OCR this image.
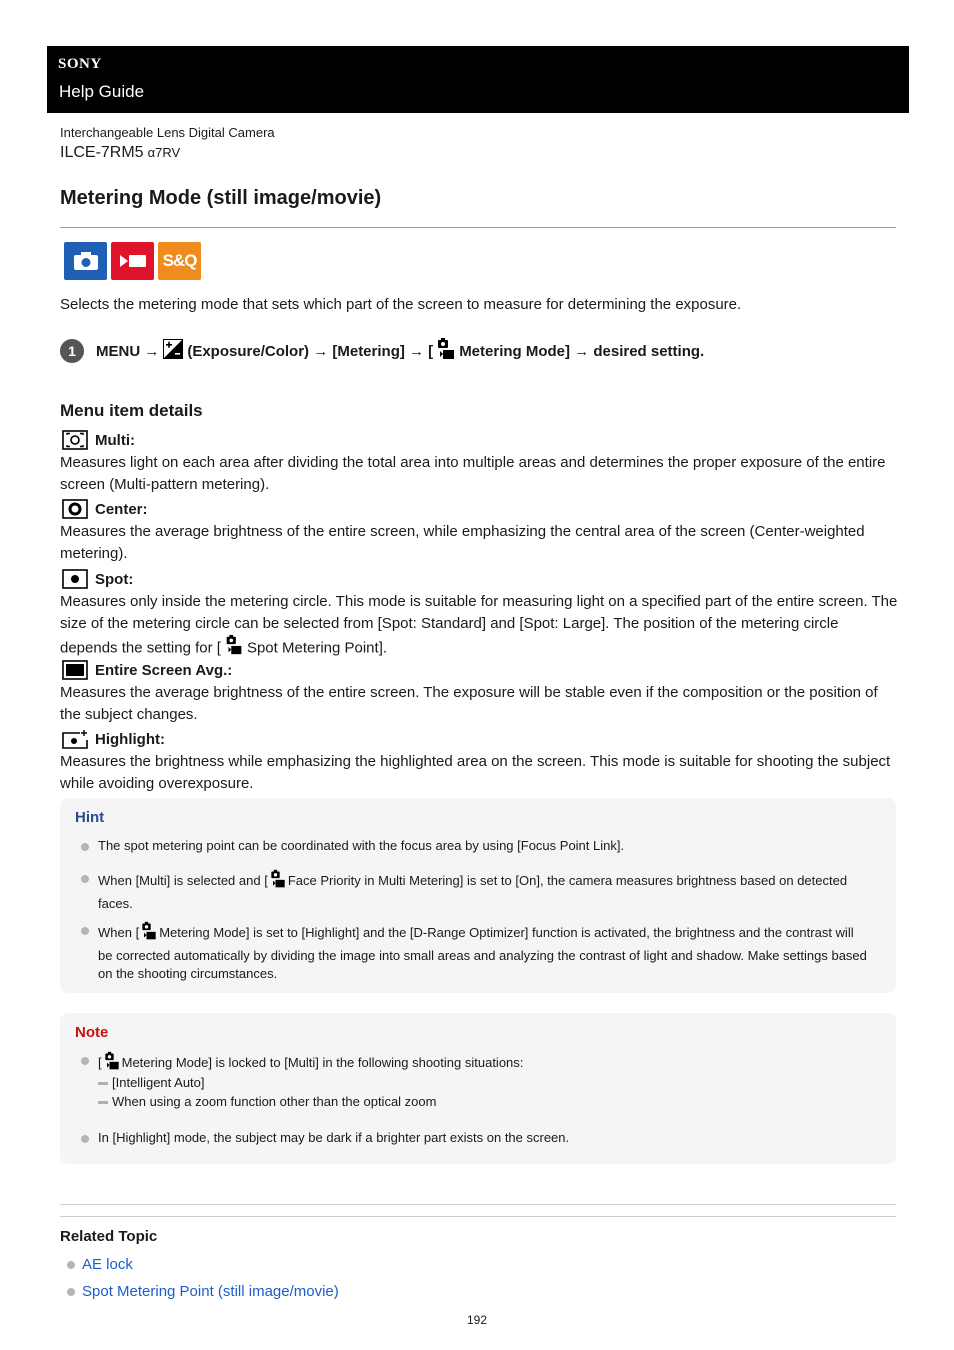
SONY
Help Guide
Interchangeable Lens Digital Camera
ILCE-7RM5 α7RV
Metering Mode (still image/movie)
S&Q
Selects the metering mode that sets which part of the screen to measure for determining the exposure.
1	MENU → (Exposure/Color) → [Metering] → [ Metering Mode] → desired setting.
Menu item details
Multi:
Measures light on each area after dividing the total area into multiple areas and determines the proper exposure of the entire screen (Multi-pattern metering).
Center:
Measures the average brightness of the entire screen, while emphasizing the central area of the screen (Center-weighted metering).
Spot:
Measures only inside the metering circle. This mode is suitable for measuring light on a specified part of the entire screen. The size of the metering circle can be selected from [Spot: Standard] and [Spot: Large]. The position of the metering circle depends the setting for [ Spot Metering Point].
Entire Screen Avg.:
Measures the average brightness of the entire screen. The exposure will be stable even if the composition or the position of the subject changes.
Highlight:
Measures the brightness while emphasizing the highlighted area on the screen. This mode is suitable for shooting the subject while avoiding overexposure.
Hint
The spot metering point can be coordinated with the focus area by using [Focus Point Link].
When [Multi] is selected and [ Face Priority in Multi Metering] is set to [On], the camera measures brightness based on detected faces.
When [ Metering Mode] is set to [Highlight] and the [D-Range Optimizer] function is activated, the brightness and the contrast will be corrected automatically by dividing the image into small areas and analyzing the contrast of light and shadow. Make settings based on the shooting circumstances.
Note
[ Metering Mode] is locked to [Multi] in the following shooting situations:
[Intelligent Auto]
When using a zoom function other than the optical zoom
In [Highlight] mode, the subject may be dark if a brighter part exists on the screen.
Related Topic
AE lock
Spot Metering Point (still image/movie)
192
